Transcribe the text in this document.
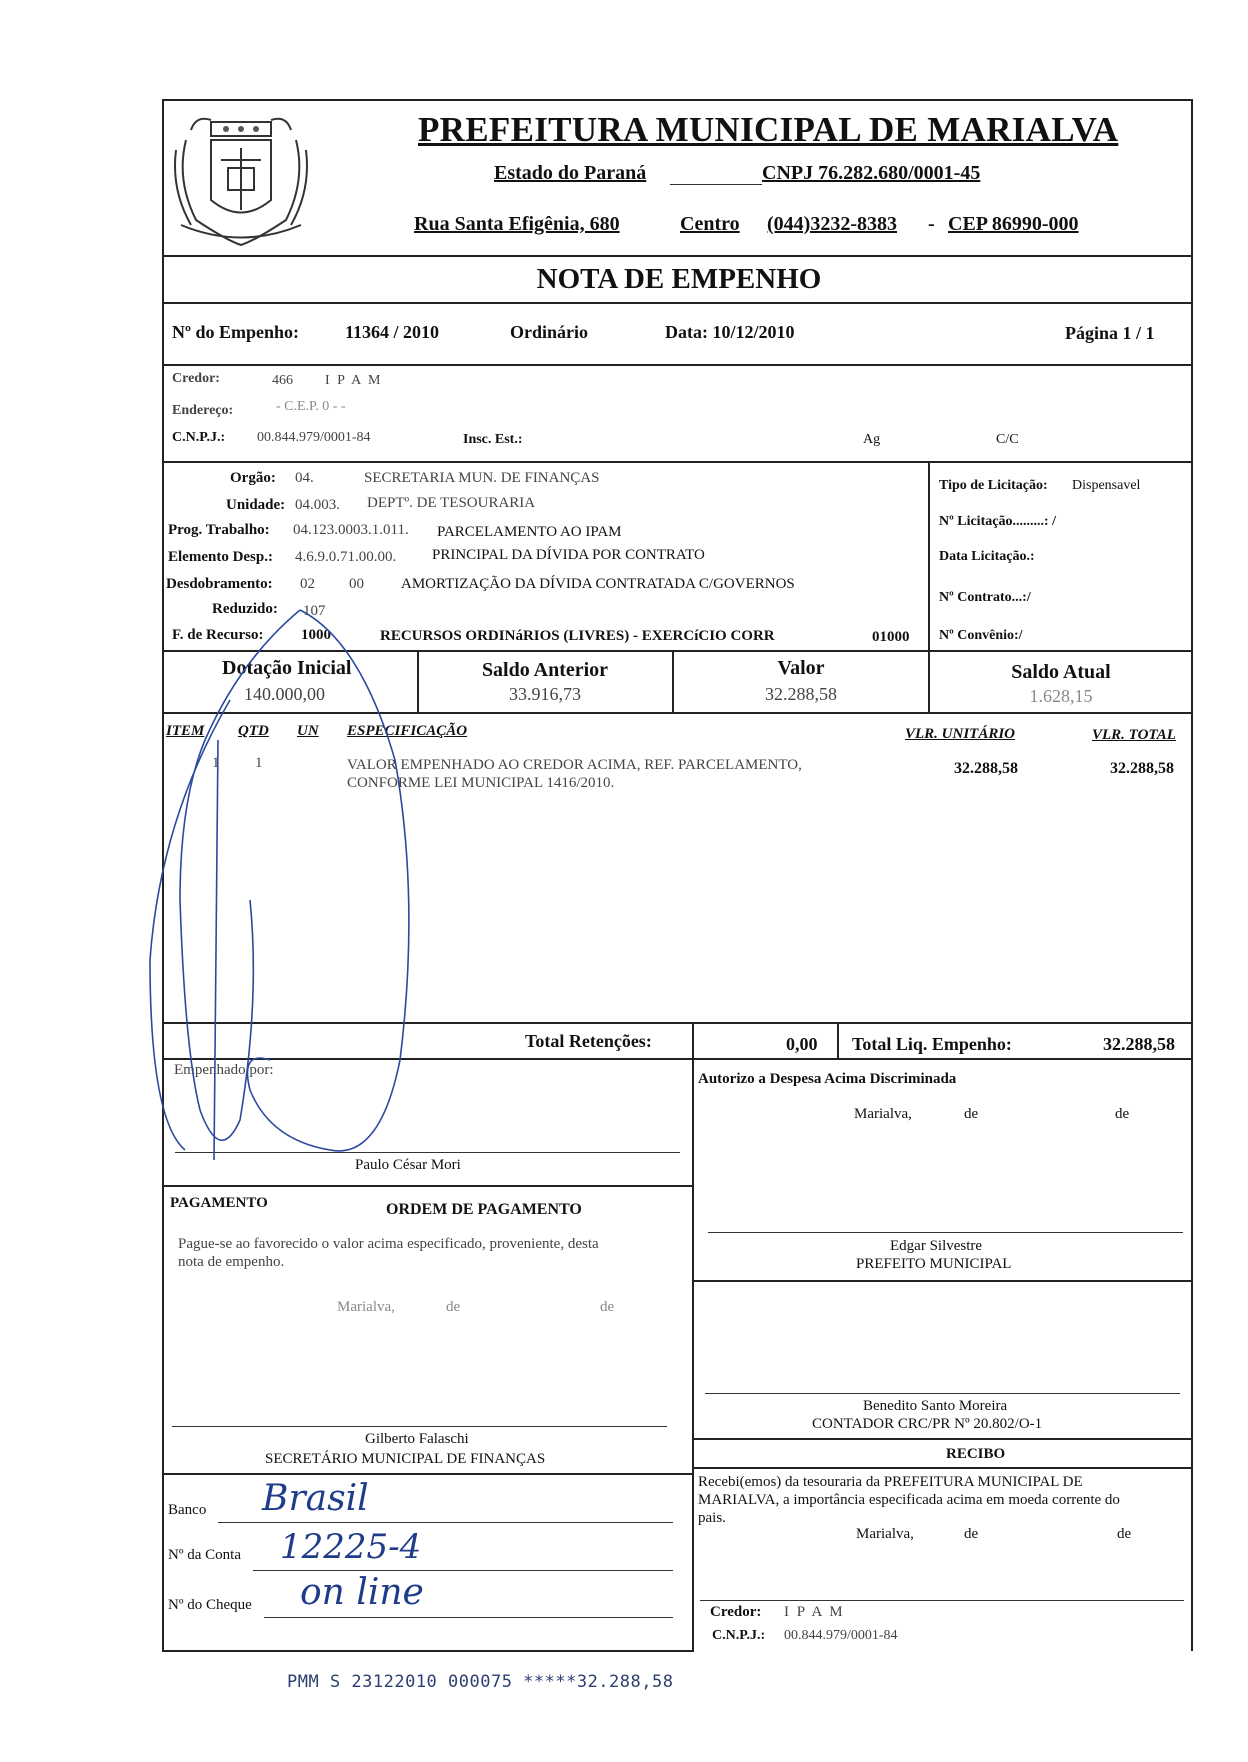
PREFEITURA MUNICIPAL DE MARIALVA
Estado do Paraná	CNPJ 76.282.680/0001-45
Rua Santa Efigênia, 680	Centro (044)3232-8383 - CEP 86990-000
NOTA DE EMPENHO
Nº do Empenho:	11364 / 2010	Ordinário	Data: 10/12/2010	Página 1 / 1
Credor:	466 I P A M
Endereço:	- C.E.P. 0 - -
C.N.P.J.: 00.844.979/0001-84	Insc. Est.:	Ag	C/C
Orgão: 04.	SECRETARIA MUN. DE FINANÇAS
Unidade: 04.003. DEPTº. DE TESOURARIA
Prog. Trabalho: 04.123.0003.1.011. PARCELAMENTO AO IPAM
Elemento Desp.: 4.6.9.0.71.00.00. PRINCIPAL DA DÍVIDA POR CONTRATO
Desdobramento: 02 00 AMORTIZAÇÃO DA DÍVIDA CONTRATADA C/GOVERNOS
Reduzido: 107
F. de Recurso: 1000	RECURSOS ORDINáRIOS (LIVRES) - EXERCíCIO CORR	01000
Tipo de Licitação: Dispensavel
Nº Licitação.........: /
Data Licitação.:
Nº Contrato...:/
Nº Convênio:/
Dotação Inicial
140.000,00
Saldo Anterior
33.916,73
Valor
32.288,58
Saldo Atual
1.628,15
ITEM QTD UN ESPECIFICAÇÃO	VLR. UNITÁRIO	VLR. TOTAL
1 1	VALOR EMPENHADO AO CREDOR ACIMA, REF. PARCELAMENTO,
CONFORME LEI MUNICIPAL 1416/2010.
32.288,58	32.288,58
Total Retenções:	0,00 Total Liq. Empenho:	32.288,58
Empenhado por:
Paulo César Mori
Autorizo a Despesa Acima Discriminada
Marialva,	de	de
Edgar Silvestre
PREFEITO MUNICIPAL
Benedito Santo Moreira
CONTADOR CRC/PR Nº 20.802/O-1
PAGAMENTO	ORDEM DE PAGAMENTO
Pague-se ao favorecido o valor acima especificado, proveniente, desta
nota de empenho.
Marialva,	de	de
Gilberto Falaschi
SECRETÁRIO MUNICIPAL DE FINANÇAS
Banco Brasil
Nº da Conta 12225-4
Nº do Cheque on line
RECIBO
Recebi(emos) da tesouraria da PREFEITURA MUNICIPAL DE
MARIALVA, a importância especificada acima em moeda corrente do
pais.
Marialva,	de	de
Credor: I P A M
C.N.P.J.: 00.844.979/0001-84
PMM S 23122010 000075 *****32.288,58
